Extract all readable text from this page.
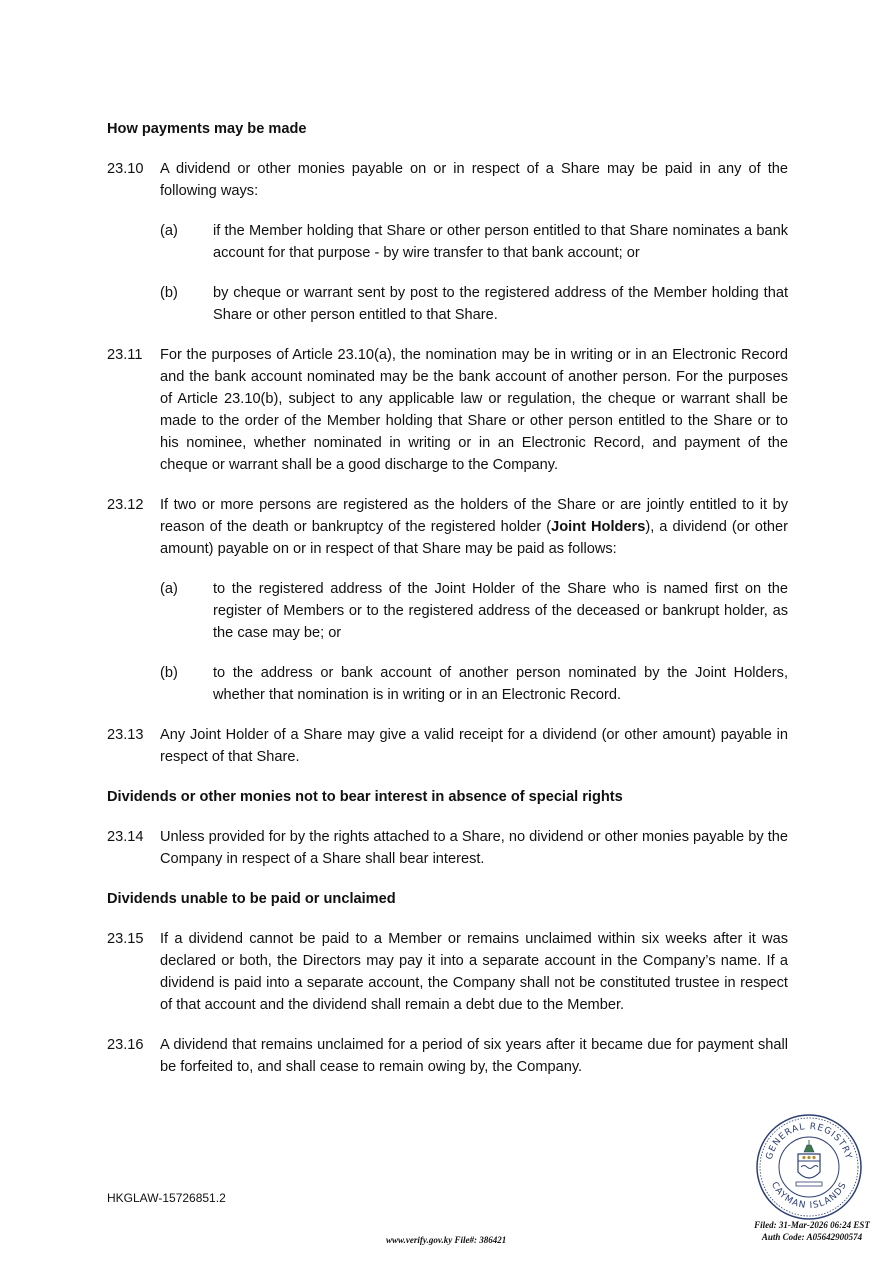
How payments may be made
23.10 A dividend or other monies payable on or in respect of a Share may be paid in any of the following ways:
(a) if the Member holding that Share or other person entitled to that Share nominates a bank account for that purpose - by wire transfer to that bank account; or
(b) by cheque or warrant sent by post to the registered address of the Member holding that Share or other person entitled to that Share.
23.11 For the purposes of Article 23.10(a), the nomination may be in writing or in an Electronic Record and the bank account nominated may be the bank account of another person. For the purposes of Article 23.10(b), subject to any applicable law or regulation, the cheque or warrant shall be made to the order of the Member holding that Share or other person entitled to the Share or to his nominee, whether nominated in writing or in an Electronic Record, and payment of the cheque or warrant shall be a good discharge to the Company.
23.12 If two or more persons are registered as the holders of the Share or are jointly entitled to it by reason of the death or bankruptcy of the registered holder (Joint Holders), a dividend (or other amount) payable on or in respect of that Share may be paid as follows:
(a) to the registered address of the Joint Holder of the Share who is named first on the register of Members or to the registered address of the deceased or bankrupt holder, as the case may be; or
(b) to the address or bank account of another person nominated by the Joint Holders, whether that nomination is in writing or in an Electronic Record.
23.13 Any Joint Holder of a Share may give a valid receipt for a dividend (or other amount) payable in respect of that Share.
Dividends or other monies not to bear interest in absence of special rights
23.14 Unless provided for by the rights attached to a Share, no dividend or other monies payable by the Company in respect of a Share shall bear interest.
Dividends unable to be paid or unclaimed
23.15 If a dividend cannot be paid to a Member or remains unclaimed within six weeks after it was declared or both, the Directors may pay it into a separate account in the Company’s name. If a dividend is paid into a separate account, the Company shall not be constituted trustee in respect of that account and the dividend shall remain a debt due to the Member.
23.16 A dividend that remains unclaimed for a period of six years after it became due for payment shall be forfeited to, and shall cease to remain owing by, the Company.
HKGLAW-15726851.2
GENERAL REGISTRY
CAYMAN ISLANDS
www.verify.gov.ky File#: 386421
Filed: 31-Mar-2026 06:24 EST
Auth Code: A05642900574
